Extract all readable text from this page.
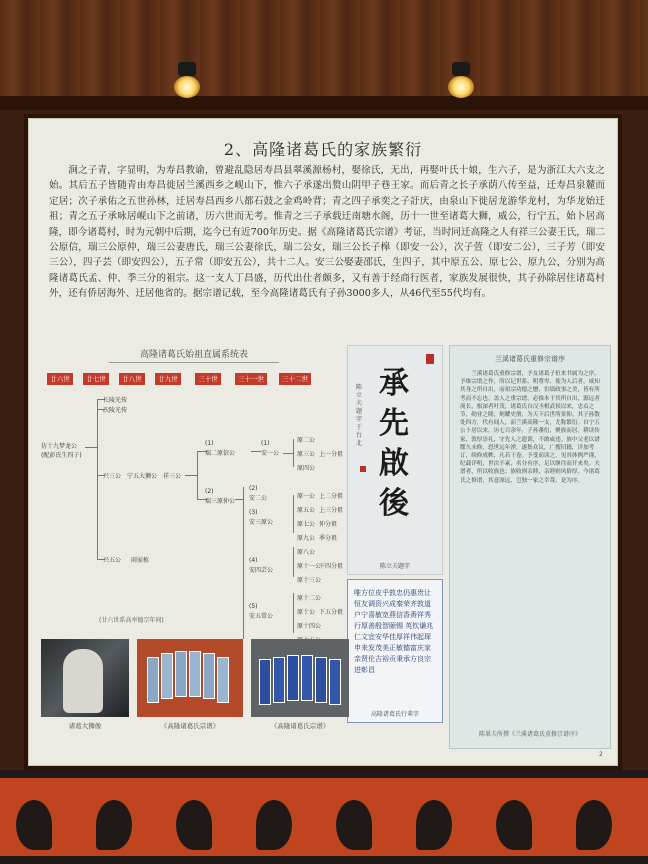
2、高隆诸葛氏的家族繁衍
涧之子青，字显明，为寿昌教谕，曾避乱隐居寿昌县翠溪源杨村，娶徐氏，无出，再娶叶氏十娘，生六子，是为浙江大六支之始。其后五子皆随青由寿昌徙居兰溪西乡之岘山下，惟六子承遂出赘山阴甲子巷王家。而后青之长子承荫八传至益，迁寿昌泉麓而定居；次子承佑之五世孙林，迁居寿昌西乡八都石鼓之金鸡岭背；青之四子承奕之子訏庆，由泉山下徙居龙游华龙村，为华龙始迁祖；青之五子承咏居岘山下之前诸，历六世而无考。惟青之三子承载迁南塘水阁，历十一世至诸葛大狮，威公，行宁五，始卜居高隆，即今诸葛村，时为元朝中后期，迄今已有近700年历史。据《高隆诸葛氏宗谱》考证，当时同迁高隆之人有祥三公妻王氏，瑞二公原信，瑞三公原仲，瑞三公妻唐氏，瑞三公妻徐氏，瑞二公女，瑞三公长子槔（即安一公），次子萱（即安二公），三子芳（即安三公），四子芸（即安四公），五子常（即安五公），共十二人。安三公娶妻邵氏，生四子，其中原五公、原七公、原九公，分别为高隆诸葛氏孟、仲、季三分的祖宗。这一支人丁昌盛，历代出仕者颇多，又有善于经商行医者，家族发展很快，其子孙除居住诸葛村外，还有侨居海外、迁居他省的。据宗谱记载，至今高隆诸葛氏有子孙3000多人，从46代至55代均有。
高隆诸葛氏始祖直属系统表
廿六世	廿七世	廿八世	廿九世	三十世	三十一世	三十二世
长陵光传
次陵光传
仿十九梦龙公
(配彭氏生四子)
兴三公 宁五大狮公 祥三公
兴五公 雨家植
(1)
瑞二原信公
(2)
瑞三原仲公
(1)
安一公
(2)
安二公
(3)
安三原公
(4)
安四芸公
(5)
安五常公
原二公
原三公
原四公
上一分祖
原一公 上二分祖
原五公 上三分祖
原七公 仲分祖
原九公 季分祖
原八公
下四分祖
原十一公
原十三公
原十二公
下五分祖
原十公
原十四公
(廿六世系高率德宗年间)
承
先
啟
後
陈立夫题字于台北
陈立夫题字
唯方位皮乎敦忠仍惠贵让恒友调资兴成秦荣齐敦道户宁喜敏宽燕信香赉祥秀行厚善殷智颐锡 英钦谦兆仁文宜安华佳厚祥伟起琛申来发茂美正敏德富庆家亲贤伦吉裕贡秉承方良宗进彰昌
高隆诸葛氏行辈字
兰溪诸葛氏重修宗谱序
兰溪诸葛氏重修宗谱，予友诸葛子恒来书属为之序。予维宗谱之作，所以记世系、明尊卑、使为人后者，咸知其身之所自出，而祖宗功德之懋，宦绩政事之美，皆有所考而不忘也。盖人之重宗谱，必推本于其所自出，源远者流长，根深者叶茂，诸葛氏自汉丞相武侯以来，忠贞之节，勋业之隆，炳耀史册，为天下后世所景仰。其子孙散处四方，代有闻人，而兰溪高隆一支，尤称繁衍。自宁五公卜居以来，历七百余年，子孙蕃衍，聚族而居，耕读传家，敦厚崇礼，守先人之遗训，不敢或违。族中父老以谱牒久未修，恐世远年湮，遂集众议，广搜旧籍，详加考订，续修成帙，凡若干卷。予受而读之，见其体例严谨，纪载详明，世次不紊，名分有序，足以继往而开来矣。夫谱者，所以收族也；族收则亲睦，亲睦则风俗厚。今诸葛氏之修谱，其意深远，岂独一家之幸哉。是为序。
陈果夫所撰《兰溪诸葛氏重修宗谱序》
诸葛大狮像	《高隆诸葛氏宗谱》	《高隆诸葛氏宗谱》
2
